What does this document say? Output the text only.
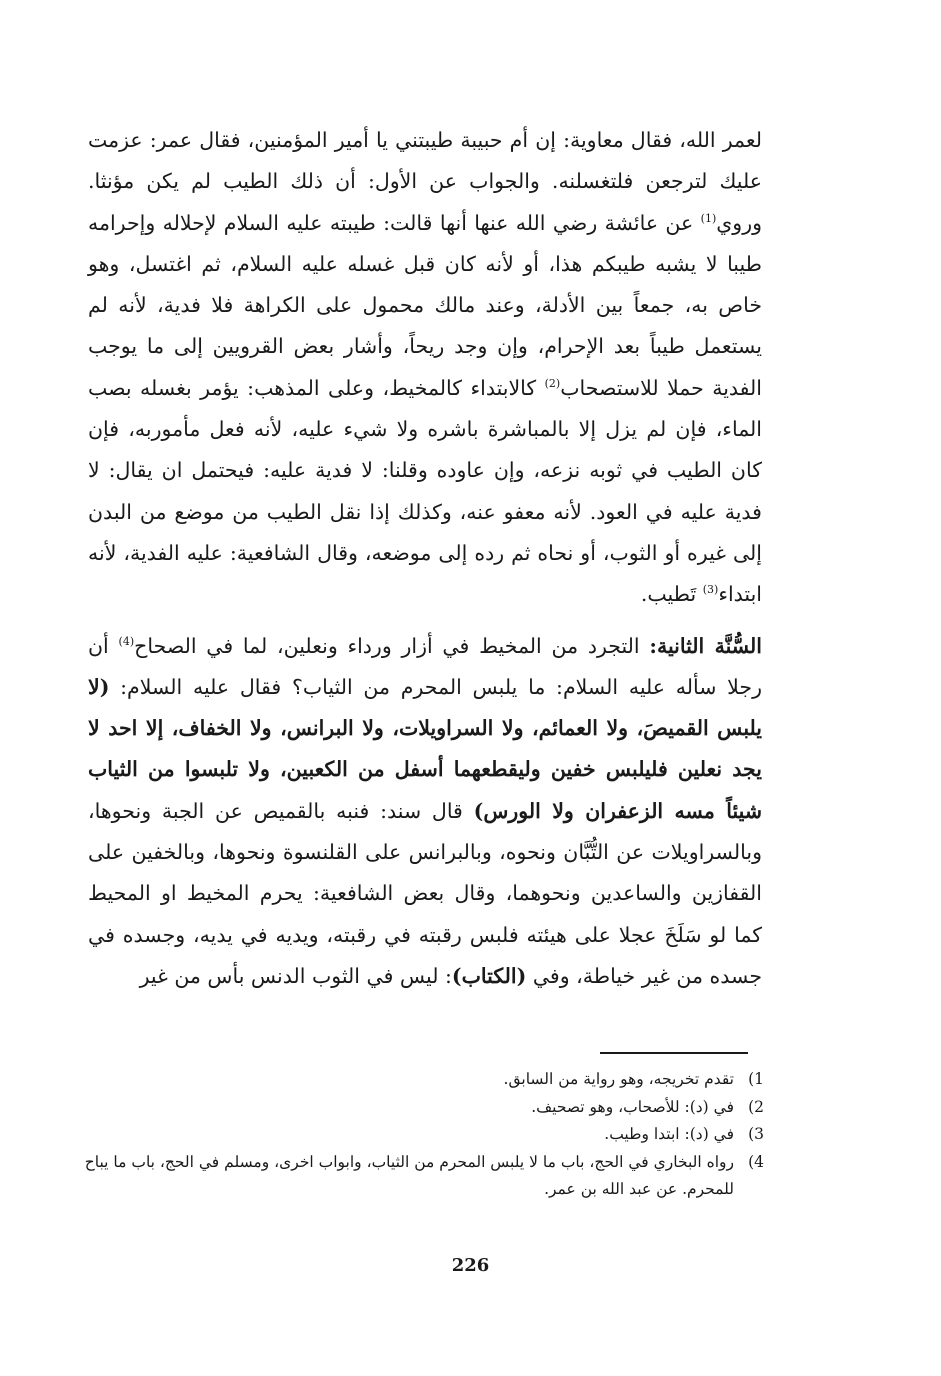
لعمر الله، فقال معاوية: إن أم حبيبة طيبتني يا أمير المؤمنين، فقال عمر: عزمت عليك لترجعن فلتغسلنه. والجواب عن الأول: أن ذلك الطيب لم يكن مؤنثا. وروي$^{(1)}$ عن عائشة رضي الله عنها أنها قالت: طيبته عليه السلام لإحلاله وإحرامه طيبا لا يشبه طيبكم هذا، أو لأنه كان قبل غسله عليه السلام، ثم اغتسل، وهو خاص به، جمعاً بين الأدلة، وعند مالك محمول على الكراهة فلا فدية، لأنه لم يستعمل طيباً بعد الإحرام، وإن وجد ريحاً، وأشار بعض القرويين إلى ما يوجب الفدية حملا للاستصحاب$^{(2)}$ كالابتداء كالمخيط، وعلى المذهب: يؤمر بغسله بصب الماء، فإن لم يزل إلا بالمباشرة باشره ولا شيء عليه، لأنه فعل مأموربه، فإن كان الطيب في ثوبه نزعه، وإن عاوده وقلنا: لا فدية عليه: فيحتمل ان يقال: لا فدية عليه في العود. لأنه معفو عنه، وكذلك إذا نقل الطيب من موضع من البدن إلى غيره أو الثوب، أو نحاه ثم رده إلى موضعه، وقال الشافعية: عليه الفدية، لأنه ابتداء$^{(3)}$ تَطيب.

السُّنَّة الثانية: التجرد من المخيط في أزار ورداء ونعلين، لما في الصحاح$^{(4)}$ أن رجلا سأله عليه السلام: ما يلبس المحرم من الثياب؟ فقال عليه السلام: (لا يلبس القميصَ، ولا العمائم، ولا السراويلات، ولا البرانس، ولا الخفاف، إلا احد لا يجد نعلين فليلبس خفين وليقطعهما أسفل من الكعبين، ولا تلبسوا من الثياب شيئاً مسه الزعفران ولا الورس) قال سند: فنبه بالقميص عن الجبة ونحوها، وبالسراويلات عن التُّبَّان ونحوه، وبالبرانس على القلنسوة ونحوها، وبالخفين على القفازين والساعدين ونحوهما، وقال بعض الشافعية: يحرم المخيط او المحيط كما لو سَلَخَ عجلا على هيئته فلبس رقبته في رقبته، ويديه في يديه، وجسده في جسده من غير خياطة، وفي (الكتاب): ليس في الثوب الدنس بأس من غير

1)
تقدم تخريجه، وهو رواية من السابق.
2)
في (د): للأصحاب، وهو تصحيف.
3)
في (د): ابتدا وطيب.
4)
رواه البخاري في الحج، باب ما لا يلبس المحرم من الثياب، وابواب اخرى، ومسلم في الحج، باب ما يباح للمحرم. عن عبد الله بن عمر.
226
